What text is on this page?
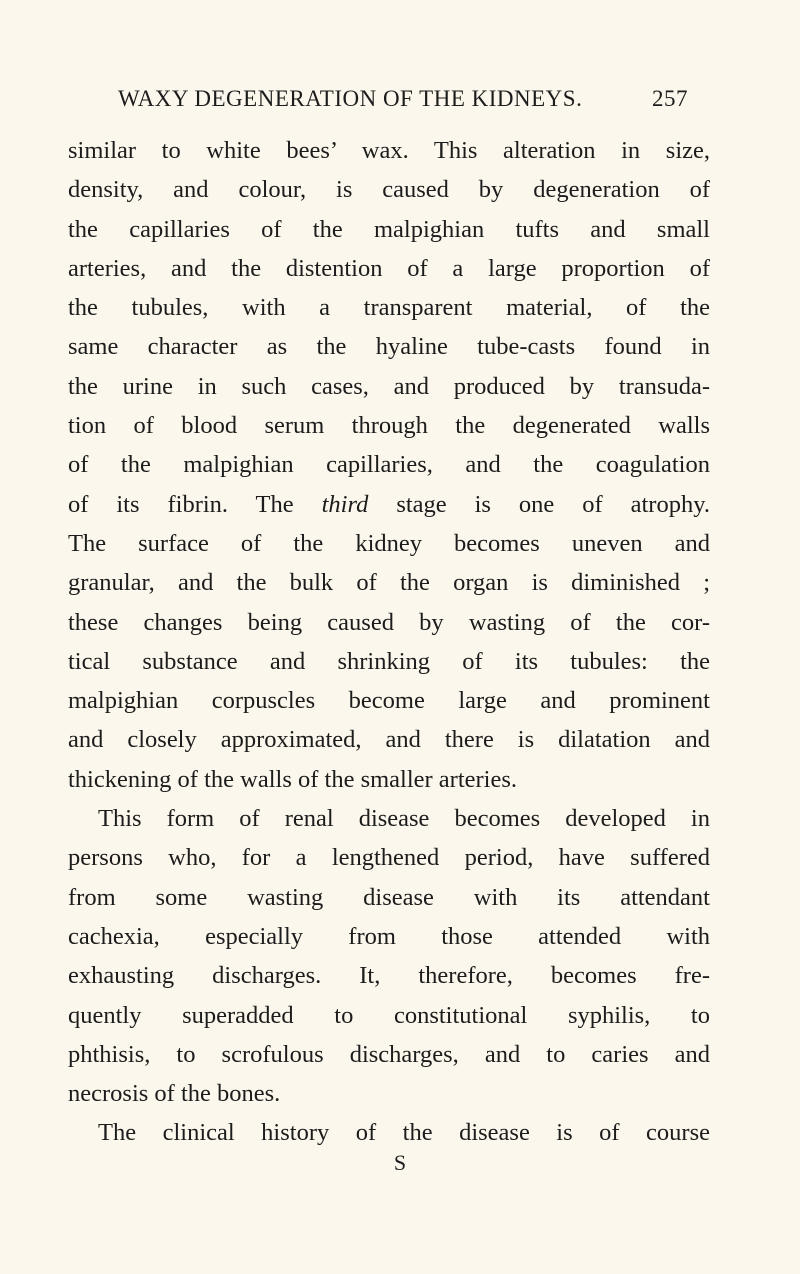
WAXY DEGENERATION OF THE KIDNEYS.	257
similar to white bees’ wax. This alteration in size,
density, and colour, is caused by degeneration of
the capillaries of the malpighian tufts and small
arteries, and the distention of a large proportion of
the tubules, with a transparent material, of the
same character as the hyaline tube-casts found in
the urine in such cases, and produced by transuda-
tion of blood serum through the degenerated walls
of the malpighian capillaries, and the coagulation
of its fibrin. The third stage is one of atrophy.
The surface of the kidney becomes uneven and
granular, and the bulk of the organ is diminished ;
these changes being caused by wasting of the cor-
tical substance and shrinking of its tubules: the
malpighian corpuscles become large and prominent
and closely approximated, and there is dilatation and
thickening of the walls of the smaller arteries.
This form of renal disease becomes developed in
persons who, for a lengthened period, have suffered
from some wasting disease with its attendant
cachexia, especially from those attended with
exhausting discharges. It, therefore, becomes fre-
quently superadded to constitutional syphilis, to
phthisis, to scrofulous discharges, and to caries and
necrosis of the bones.
The clinical history of the disease is of course
S
